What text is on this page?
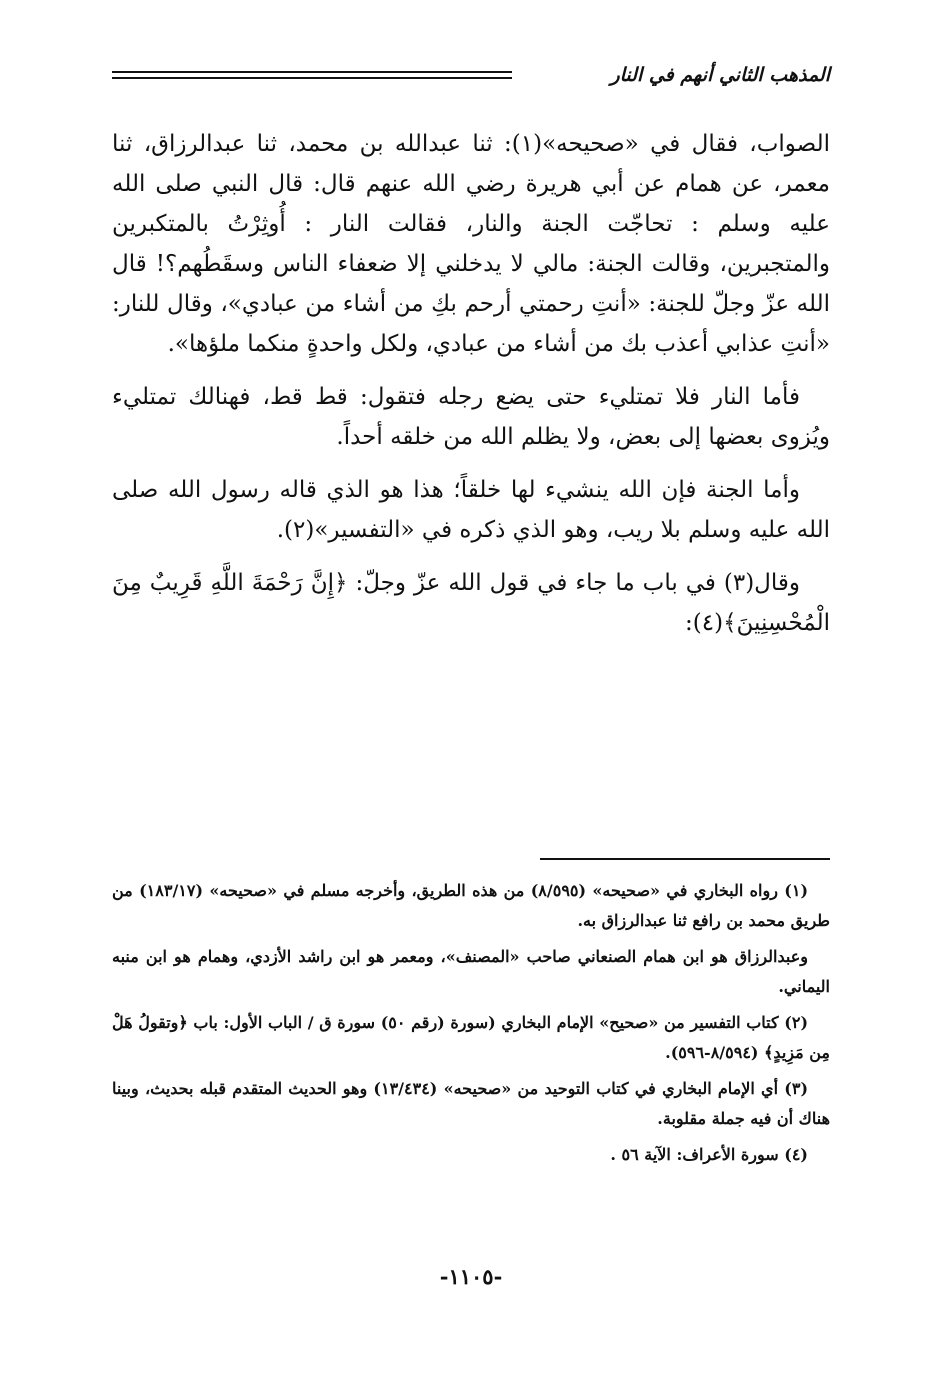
المذهب الثاني أنهم في النار

الصواب، فقال في «صحيحه»(١): ثنا عبدالله بن محمد، ثنا عبدالرزاق، ثنا معمر، عن همام عن أبي هريرة رضي الله عنهم قال: قال النبي صلى الله عليه وسلم : تحاجّت الجنة والنار، فقالت النار : أُوثِرْتُ بالمتكبرين والمتجبرين، وقالت الجنة: مالي لا يدخلني إلا ضعفاء الناس وسقَطُهم؟! قال الله عزّ وجلّ للجنة: «أنتِ رحمتي أرحم بكِ من أشاء من عبادي»، وقال للنار: «أنتِ عذابي أعذب بك من أشاء من عبادي، ولكل واحدةٍ منكما ملؤها».

فأما النار فلا تمتليء حتى يضع رجله فتقول: قط قط، فهنالك تمتليء ويُزوى بعضها إلى بعض، ولا يظلم الله من خلقه أحداً.

وأما الجنة فإن الله ينشيء لها خلقاً؛ هذا هو الذي قاله رسول الله صلى الله عليه وسلم بلا ريب، وهو الذي ذكره في «التفسير»(٢).

وقال(٣) في باب ما جاء في قول الله عزّ وجلّ: ﴿إِنَّ رَحْمَةَ اللَّهِ قَرِيبٌ مِنَ الْمُحْسِنِينَ﴾(٤):

(١) رواه البخاري في «صحيحه» (٨/٥٩٥) من هذه الطريق، وأخرجه مسلم في «صحيحه» (١٨٣/١٧) من طريق محمد بن رافع ثنا عبدالرزاق به.

وعبدالرزاق هو ابن همام الصنعاني صاحب «المصنف»، ومعمر هو ابن راشد الأزدي، وهمام هو ابن منبه اليماني.

(٢) كتاب التفسير من «صحيح» الإمام البخاري (سورة (رقم ٥٠) سورة ق / الباب الأول: باب ﴿وتقولُ هَلْ مِن مَزِيدٍ﴾ (٨/٥٩٤-٥٩٦).

(٣) أي الإمام البخاري في كتاب التوحيد من «صحيحه» (١٣/٤٣٤) وهو الحديث المتقدم قبله بحديث، وبينا هناك أن فيه جملة مقلوبة.

(٤) سورة الأعراف: الآية ٥٦ .

-١١٠٥-
